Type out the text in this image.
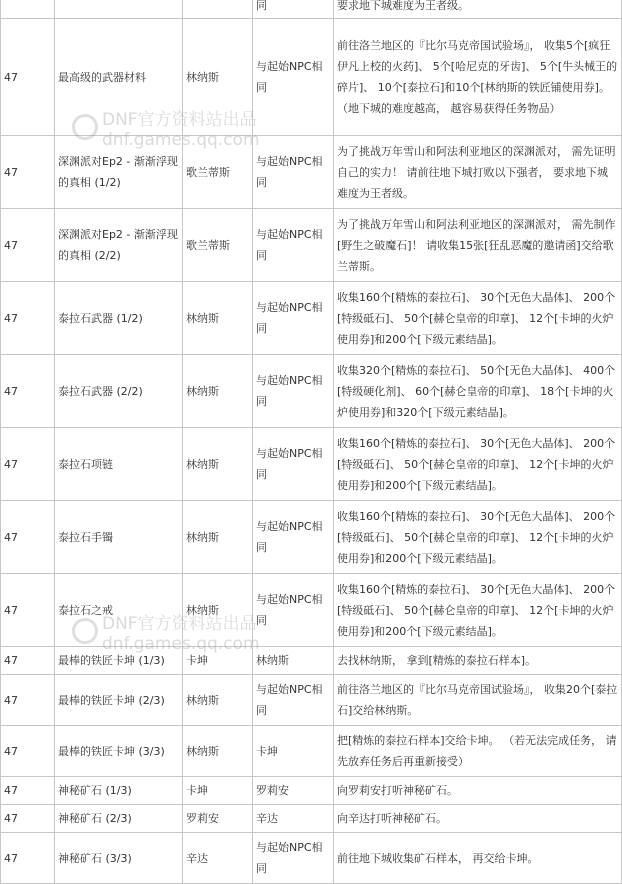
			同	要求地下城难度为王者级。
47	最高级的武器材料	林纳斯	与起始NPC相同	前往洛兰地区的『比尔马克帝国试验场』， 收集5个[疯狂伊凡上校的火药]、 5个[哈尼克的牙齿]、 5个[牛头械王的碎片]、 10个[泰拉石]和10个[林纳斯的铁匠铺使用券]。 （地下城的难度越高， 越容易获得任务物品）
47	深渊派对Ep2 - 渐渐浮现的真相 (1/2)	歌兰蒂斯	与起始NPC相同	为了挑战万年雪山和阿法利亚地区的深渊派对， 需先证明自己的实力！ 请前往地下城打败以下强者， 要求地下城难度为王者级。
47	深渊派对Ep2 - 渐渐浮现的真相 (2/2)	歌兰蒂斯	与起始NPC相同	为了挑战万年雪山和阿法利亚地区的深渊派对， 需先制作[野生之破魔石]！ 请收集15张[狂乱恶魔的邀请函]交给歌兰蒂斯。
47	泰拉石武器 (1/2)	林纳斯	与起始NPC相同	收集160个[精炼的泰拉石]、 30个[无色大晶体]、 200个[特级砥石]、 50个[赫仑皇帝的印章]、 12个[卡坤的火炉使用券]和200个[下级元素结晶]。
47	泰拉石武器 (2/2)	林纳斯	与起始NPC相同	收集320个[精炼的泰拉石]、 50个[无色大晶体]、 400个[特级硬化剂]、 60个[赫仑皇帝的印章]、 18个[卡坤的火炉使用券]和320个[下级元素结晶]。
47	泰拉石项链	林纳斯	与起始NPC相同	收集160个[精炼的泰拉石]、 30个[无色大晶体]、 200个[特级砥石]、 50个[赫仑皇帝的印章]、 12个[卡坤的火炉使用券]和200个[下级元素结晶]。
47	泰拉石手镯	林纳斯	与起始NPC相同	收集160个[精炼的泰拉石]、 30个[无色大晶体]、 200个[特级砥石]、 50个[赫仑皇帝的印章]、 12个[卡坤的火炉使用券]和200个[下级元素结晶]。
47	泰拉石之戒	林纳斯	与起始NPC相同	收集160个[精炼的泰拉石]、 30个[无色大晶体]、 200个[特级砥石]、 50个[赫仑皇帝的印章]、 12个[卡坤的火炉使用券]和200个[下级元素结晶]。
47	最棒的铁匠卡坤 (1/3)	卡坤	林纳斯	去找林纳斯， 拿到[精炼的泰拉石样本]。
47	最棒的铁匠卡坤 (2/3)	林纳斯	与起始NPC相同	前往洛兰地区的『比尔马克帝国试验场』， 收集20个[泰拉石]交给林纳斯。
47	最棒的铁匠卡坤 (3/3)	林纳斯	卡坤	把[精炼的泰拉石样本]交给卡坤。 （若无法完成任务， 请先放弃任务后再重新接受）
47	神秘矿石 (1/3)	卡坤	罗莉安	向罗莉安打听神秘矿石。
47	神秘矿石 (2/3)	罗莉安	辛达	向辛达打听神秘矿石。
47	神秘矿石 (3/3)	辛达	与起始NPC相同	前往地下城收集矿石样本， 再交给卡坤。
DNF官方资料站出品
dnf.games.qq.com
DNF官方资料站出品
dnf.games.qq.com
